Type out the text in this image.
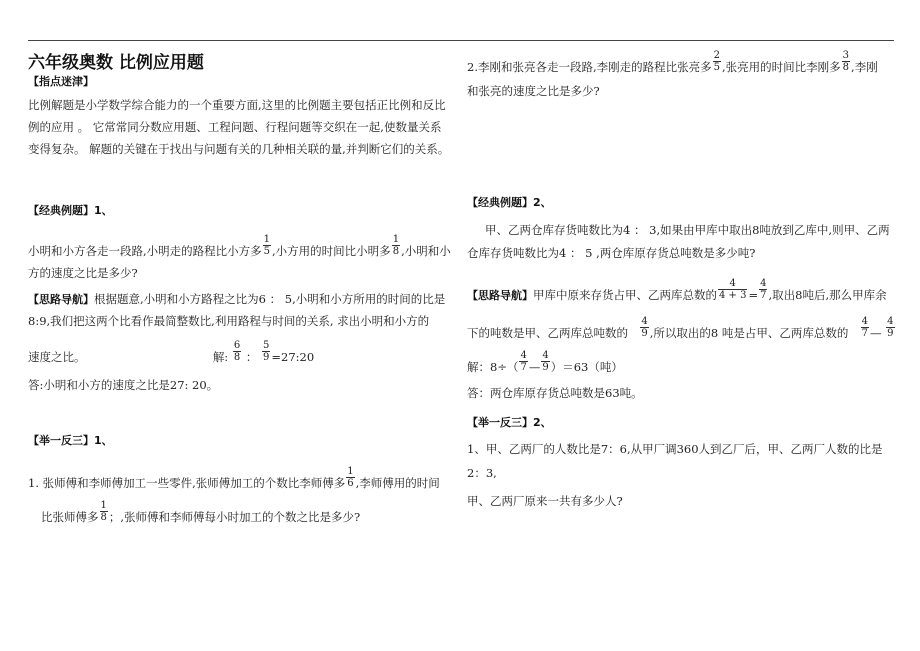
六年级奥数 比例应用题
【指点迷津】

比例解题是小学数学综合能力的一个重要方面,这里的比例题主要包括正比例和反比

例的应用 。 它常常同分数应用题、工程问题、行程问题等交织在一起,使数量关系

变得复杂。 解题的关键在于找出与问题有关的几种相关联的量,并判断它们的关系。

【经典例题】1、
小明和小方各走一段路,小明走的路程比小方多 $\frac{1}{5}$ ,小方用的时间比小明多 $\frac{1}{8}$ ,小明和小
方的速度之比是多少?
【思路导航】根据题意,小明和小方路程之比为6 ： 5,小明和小方所用的时间的比是
8:9,我们把这两个比看作最简整数比,利用路程与时间的关系, 求出小明和小方的
速度之比。	解: $\frac{6}{8}$ ： $\frac{5}{9}$ =27:20
答:小明和小方的速度之比是27: 20。
【举一反三】1、
1. 张师傅和李师傅加工一些零件,张师傅加工的个数比李师傅多 $\frac{1}{6}$ ,李师傅用的时间
比张师傅多 $\frac{1}{8}$ ；,张师傅和李师傅每小时加工的个数之比是多少?
2.李刚和张亮各走一段路,李刚走的路程比张亮多 $\frac{2}{5}$ ,张亮用的时间比李刚多 $\frac{3}{8}$ ,李刚
和张亮的速度之比是多少?
【经典例题】2、
甲、乙两仓库存货吨数比为4 ： 3,如果由甲库中取出8吨放到乙库中,则甲、乙两
仓库存货吨数比为4 ： 5 ,两仓库原存货总吨数是多少吨?
【思路导航】甲库中原来存货占甲、乙两库总数的 $\frac{4}{4 + 3} = \frac{4}{7}$ ,取出8吨后,那么甲库余
下的吨数是甲、乙两库总吨数的 $\frac{4}{9}$ ,所以取出的8 吨是占甲、乙两库总数的 $\frac{4}{7}$ — $\frac{4}{9}$
解：$8\div( \frac{4}{7}$ — $\frac{4}{9} )=63$（吨）
答：两仓库原存货总吨数是63吨。
【举一反三】2、
1、甲、乙两厂的人数比是7：6,从甲厂调360人到乙厂后，甲、乙两厂人数的比是
2：3,
甲、乙两厂原来一共有多少人?
